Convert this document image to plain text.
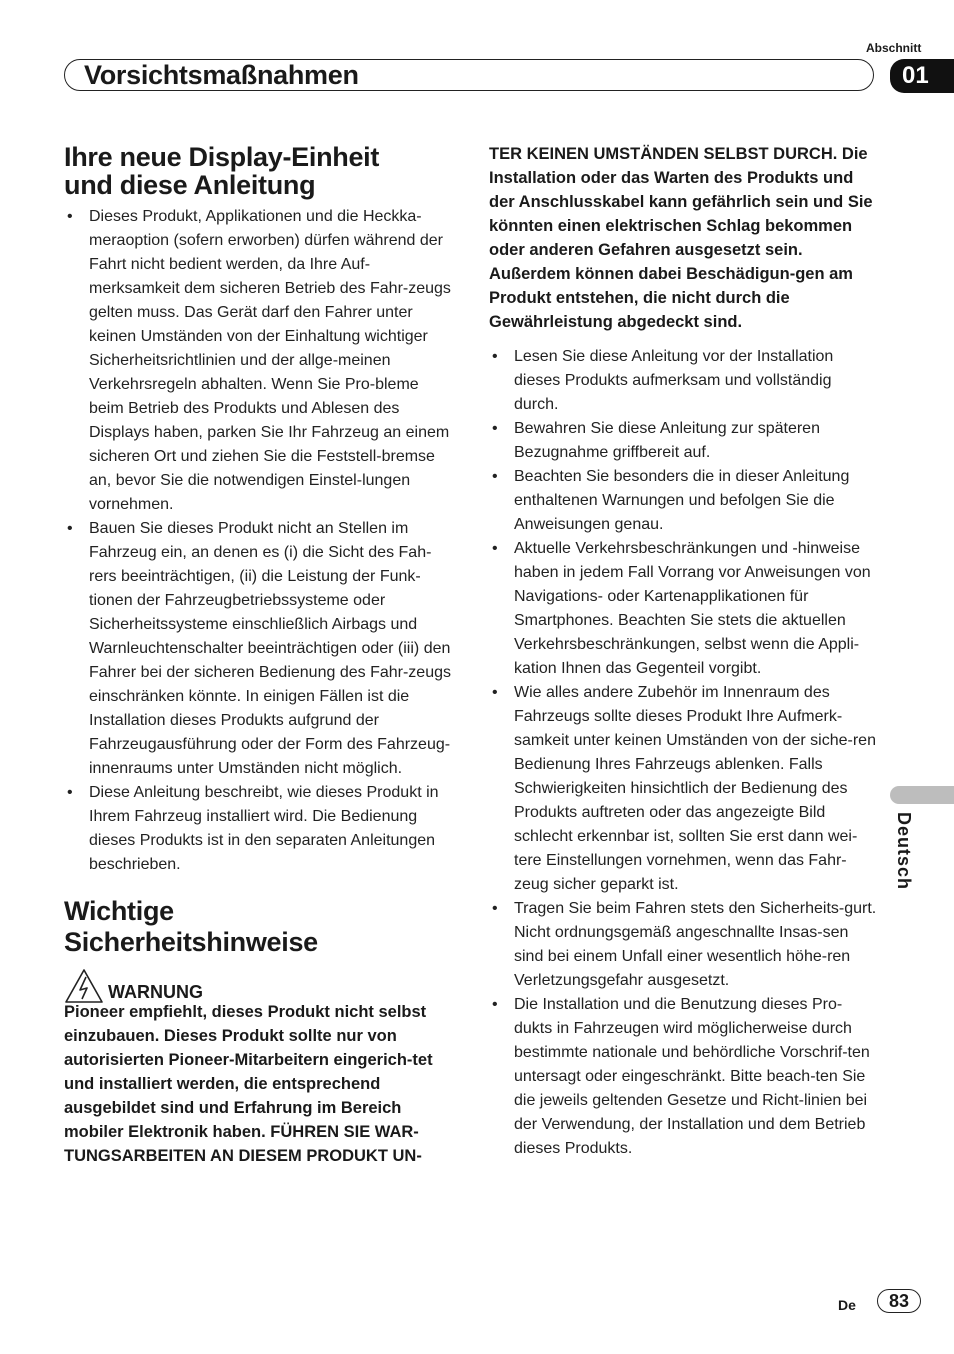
Abschnitt
Vorsichtsmaßnahmen	01
Ihre neue Display-Einheit
und diese Anleitung
• Dieses Produkt, Applikationen und die Heckka-meraoption (sofern erworben) dürfen während der Fahrt nicht bedient werden, da Ihre Auf-merksamkeit dem sicheren Betrieb des Fahr-zeugs gelten muss. Das Gerät darf den Fahrer unter keinen Umständen von der Einhaltung wichtiger Sicherheitsrichtlinien und der allge-meinen Verkehrsregeln abhalten. Wenn Sie Pro-bleme beim Betrieb des Produkts und Ablesen des Displays haben, parken Sie Ihr Fahrzeug an einem sicheren Ort und ziehen Sie die Feststell-bremse an, bevor Sie die notwendigen Einstel-lungen vornehmen.
• Bauen Sie dieses Produkt nicht an Stellen im Fahrzeug ein, an denen es (i) die Sicht des Fah-rers beeinträchtigen, (ii) die Leistung der Funk-tionen der Fahrzeugbetriebssysteme oder Sicherheitssysteme einschließlich Airbags und Warnleuchtenschalter beeinträchtigen oder (iii) den Fahrer bei der sicheren Bedienung des Fahr-zeugs einschränken könnte. In einigen Fällen ist die Installation dieses Produkts aufgrund der Fahrzeugausführung oder der Form des Fahrzeug-innenraums unter Umständen nicht möglich.
• Diese Anleitung beschreibt, wie dieses Produkt in Ihrem Fahrzeug installiert wird. Die Bedienung dieses Produkts ist in den separaten Anleitungen beschrieben.
Wichtige
Sicherheitshinweise
WARNUNG

Pioneer empfiehlt, dieses Produkt nicht selbst einzubauen. Dieses Produkt sollte nur von autorisierten Pioneer-Mitarbeitern eingerich-tet und installiert werden, die entsprechend ausgebildet sind und Erfahrung im Bereich mobiler Elektronik haben. FÜHREN SIE WAR-TUNGSARBEITEN AN DIESEM PRODUKT UN-

TER KEINEN UMSTÄNDEN SELBST DURCH. Die Installation oder das Warten des Produkts und der Anschlusskabel kann gefährlich sein und Sie könnten einen elektrischen Schlag bekommen oder anderen Gefahren ausgesetzt sein. Außerdem können dabei Beschädigun-gen am Produkt entstehen, die nicht durch die Gewährleistung abgedeckt sind.

• Lesen Sie diese Anleitung vor der Installation dieses Produkts aufmerksam und vollständig durch.
• Bewahren Sie diese Anleitung zur späteren Bezugnahme griffbereit auf.
• Beachten Sie besonders die in dieser Anleitung enthaltenen Warnungen und befolgen Sie die Anweisungen genau.
• Aktuelle Verkehrsbeschränkungen und -hinweise haben in jedem Fall Vorrang vor Anweisungen von Navigations- oder Kartenapplikationen für Smartphones. Beachten Sie stets die aktuellen Verkehrsbeschränkungen, selbst wenn die Appli-kation Ihnen das Gegenteil vorgibt.
• Wie alles andere Zubehör im Innenraum des Fahrzeugs sollte dieses Produkt Ihre Aufmerk-samkeit unter keinen Umständen von der siche-ren Bedienung Ihres Fahrzeugs ablenken. Falls Schwierigkeiten hinsichtlich der Bedienung des Produkts auftreten oder das angezeigte Bild schlecht erkennbar ist, sollten Sie erst dann wei-tere Einstellungen vornehmen, wenn das Fahr-zeug sicher geparkt ist.
• Tragen Sie beim Fahren stets den Sicherheits-gurt. Nicht ordnungsgemäß angeschnallte Insas-sen sind bei einem Unfall einer wesentlich höhe-ren Verletzungsgefahr ausgesetzt.
• Die Installation und die Benutzung dieses Pro-dukts in Fahrzeugen wird möglicherweise durch bestimmte nationale und behördliche Vorschrif-ten untersagt oder eingeschränkt. Bitte beach-ten Sie die jeweils geltenden Gesetze und Richt-linien bei der Verwendung, der Installation und dem Betrieb dieses Produkts.
Deutsch
De	83
